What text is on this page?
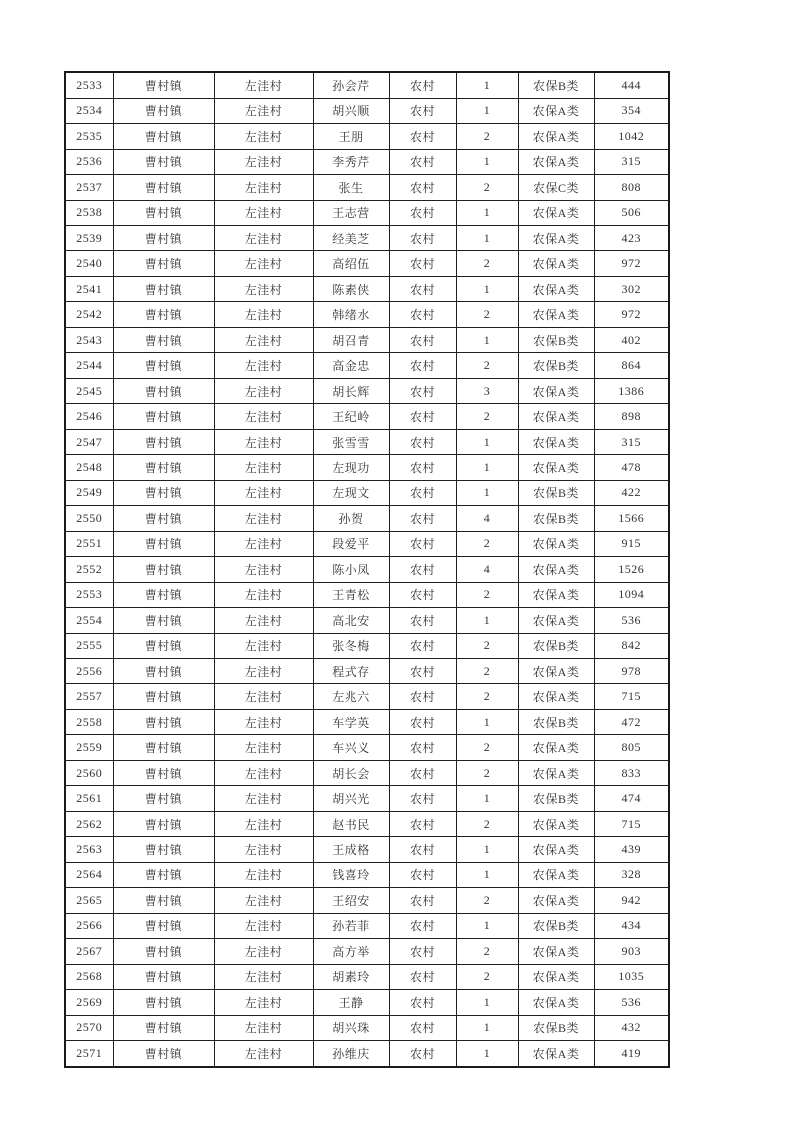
2533	曹村镇	左洼村	孙会芹	农村	1	农保B类	444
2534	曹村镇	左洼村	胡兴顺	农村	1	农保A类	354
2535	曹村镇	左洼村	王朋	农村	2	农保A类	1042
2536	曹村镇	左洼村	李秀芹	农村	1	农保A类	315
2537	曹村镇	左洼村	张生	农村	2	农保C类	808
2538	曹村镇	左洼村	王志营	农村	1	农保A类	506
2539	曹村镇	左洼村	经美芝	农村	1	农保A类	423
2540	曹村镇	左洼村	高绍伍	农村	2	农保A类	972
2541	曹村镇	左洼村	陈素侠	农村	1	农保A类	302
2542	曹村镇	左洼村	韩绪水	农村	2	农保A类	972
2543	曹村镇	左洼村	胡召青	农村	1	农保B类	402
2544	曹村镇	左洼村	高金忠	农村	2	农保B类	864
2545	曹村镇	左洼村	胡长辉	农村	3	农保A类	1386
2546	曹村镇	左洼村	王纪岭	农村	2	农保A类	898
2547	曹村镇	左洼村	张雪雪	农村	1	农保A类	315
2548	曹村镇	左洼村	左现功	农村	1	农保A类	478
2549	曹村镇	左洼村	左现文	农村	1	农保B类	422
2550	曹村镇	左洼村	孙贺	农村	4	农保B类	1566
2551	曹村镇	左洼村	段爱平	农村	2	农保A类	915
2552	曹村镇	左洼村	陈小凤	农村	4	农保A类	1526
2553	曹村镇	左洼村	王青松	农村	2	农保A类	1094
2554	曹村镇	左洼村	高北安	农村	1	农保A类	536
2555	曹村镇	左洼村	张冬梅	农村	2	农保B类	842
2556	曹村镇	左洼村	程式存	农村	2	农保A类	978
2557	曹村镇	左洼村	左兆六	农村	2	农保A类	715
2558	曹村镇	左洼村	车学英	农村	1	农保B类	472
2559	曹村镇	左洼村	车兴义	农村	2	农保A类	805
2560	曹村镇	左洼村	胡长会	农村	2	农保A类	833
2561	曹村镇	左洼村	胡兴光	农村	1	农保B类	474
2562	曹村镇	左洼村	赵书民	农村	2	农保A类	715
2563	曹村镇	左洼村	王成格	农村	1	农保A类	439
2564	曹村镇	左洼村	钱喜玲	农村	1	农保A类	328
2565	曹村镇	左洼村	王绍安	农村	2	农保A类	942
2566	曹村镇	左洼村	孙若菲	农村	1	农保B类	434
2567	曹村镇	左洼村	高方举	农村	2	农保A类	903
2568	曹村镇	左洼村	胡素玲	农村	2	农保A类	1035
2569	曹村镇	左洼村	王静	农村	1	农保A类	536
2570	曹村镇	左洼村	胡兴珠	农村	1	农保B类	432
2571	曹村镇	左洼村	孙维庆	农村	1	农保A类	419
